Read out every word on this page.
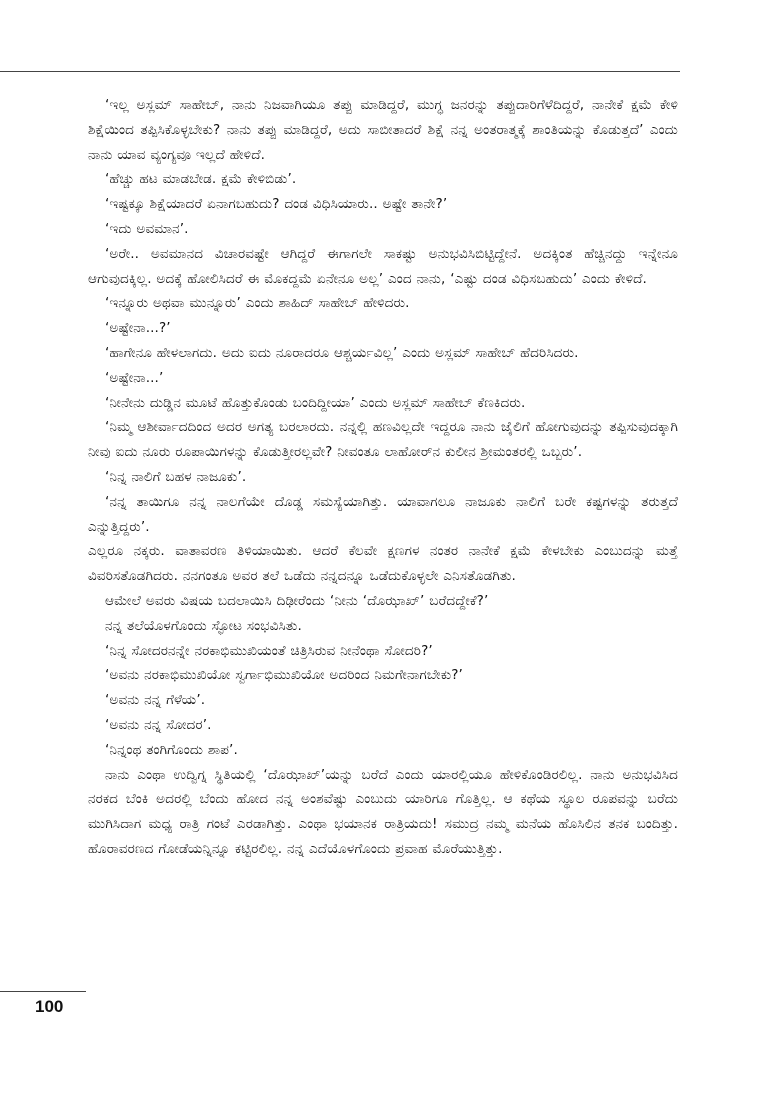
‘ಇಲ್ಲ ಅಸ್ಲಮ್ ಸಾಹೇಬ್, ನಾನು ನಿಜವಾಗಿಯೂ ತಪ್ಪು ಮಾಡಿದ್ದರೆ, ಮುಗ್ಧ ಜನರನ್ನು ತಪ್ಪುದಾರಿಗೆಳೆದಿದ್ದರೆ, ನಾನೇಕೆ ಕ್ಷಮೆ ಕೇಳಿ ಶಿಕ್ಷೆಯಿಂದ ತಪ್ಪಿಸಿಕೊಳ್ಳಬೇಕು? ನಾನು ತಪ್ಪು ಮಾಡಿದ್ದರೆ, ಅದು ಸಾಬೀತಾದರೆ ಶಿಕ್ಷೆ ನನ್ನ ಅಂತರಾತ್ಮಕ್ಕೆ ಶಾಂತಿಯನ್ನು ಕೊಡುತ್ತದೆ’ ಎಂದು ನಾನು ಯಾವ ವ್ಯಂಗ್ಯವೂ ಇಲ್ಲದೆ ಹೇಳಿದೆ.

‘ಹೆಚ್ಚು ಹಟ ಮಾಡಬೇಡ. ಕ್ಷಮೆ ಕೇಳಿಬಿಡು’.

‘ಇಷ್ಟಕ್ಕೂ ಶಿಕ್ಷೆಯಾದರೆ ಏನಾಗಬಹುದು? ದಂಡ ವಿಧಿಸಿಯಾರು.. ಅಷ್ಟೇ ತಾನೇ?’

‘ಇದು ಅವಮಾನ’.

‘ಅರೇ.. ಅವಮಾನದ ವಿಚಾರವಷ್ಟೇ ಆಗಿದ್ದರೆ ಈಗಾಗಲೇ ಸಾಕಷ್ಟು ಅನುಭವಿಸಿಬಿಟ್ಟಿದ್ದೇನೆ. ಅದಕ್ಕಿಂತ ಹೆಚ್ಚಿನದ್ದು ಇನ್ನೇನೂ ಆಗುವುದಕ್ಕಿಲ್ಲ. ಅದಕ್ಕೆ ಹೋಲಿಸಿದರೆ ಈ ಮೊಕದ್ದಮೆ ಏನೇನೂ ಅಲ್ಲ’ ಎಂದ ನಾನು, ‘ಎಷ್ಟು ದಂಡ ವಿಧಿಸಬಹುದು’ ಎಂದು ಕೇಳಿದೆ.

‘ಇನ್ನೂರು ಅಥವಾ ಮುನ್ನೂರು’ ಎಂದು ಶಾಹಿದ್ ಸಾಹೇಬ್ ಹೇಳಿದರು.

‘ಅಷ್ಟೇನಾ...?’

‘ಹಾಗೇನೂ ಹೇಳಲಾಗದು. ಅದು ಐದು ನೂರಾದರೂ ಆಶ್ಚರ್ಯವಿಲ್ಲ’ ಎಂದು ಅಸ್ಲಮ್ ಸಾಹೇಬ್ ಹೆದರಿಸಿದರು.

‘ಅಷ್ಟೇನಾ...’

‘ನೀನೇನು ದುಡ್ಡಿನ ಮೂಟೆ ಹೊತ್ತುಕೊಂಡು ಬಂದಿದ್ದೀಯಾ’ ಎಂದು ಅಸ್ಲಮ್ ಸಾಹೇಬ್ ಕೆಣಕಿದರು.

‘ನಿಮ್ಮ ಆಶೀರ್ವಾದದಿಂದ ಅದರ ಅಗತ್ಯ ಬರಲಾರದು. ನನ್ನಲ್ಲಿ ಹಣವಿಲ್ಲದೇ ಇದ್ದರೂ ನಾನು ಜೈಲಿಗೆ ಹೋಗುವುದನ್ನು ತಪ್ಪಿಸುವುದಕ್ಕಾಗಿ ನೀವು ಐದು ನೂರು ರೂಪಾಯಿಗಳನ್ನು ಕೊಡುತ್ತೀರಲ್ಲವೇ? ನೀವಂತೂ ಲಾಹೋರ್‌ನ ಕುಲೀನ ಶ್ರೀಮಂತರಲ್ಲಿ ಒಬ್ಬರು’.

‘ನಿನ್ನ ನಾಲಿಗೆ ಬಹಳ ನಾಜೂಕು’.

‘ನನ್ನ ತಾಯಿಗೂ ನನ್ನ ನಾಲಗೆಯೇ ದೊಡ್ಡ ಸಮಸ್ಯೆಯಾಗಿತ್ತು. ಯಾವಾಗಲೂ ನಾಜೂಕು ನಾಲಿಗೆ ಬರೇ ಕಷ್ಟಗಳನ್ನು ತರುತ್ತದೆ ಎನ್ನುತ್ತಿದ್ದರು’.

ಎಲ್ಲರೂ ನಕ್ಕರು. ವಾತಾವರಣ ತಿಳಿಯಾಯಿತು. ಆದರೆ ಕೆಲವೇ ಕ್ಷಣಗಳ ನಂತರ ನಾನೇಕೆ ಕ್ಷಮೆ ಕೇಳಬೇಕು ಎಂಬುದನ್ನು ಮತ್ತೆ ವಿವರಿಸತೊಡಗಿದರು. ನನಗಂತೂ ಅವರ ತಲೆ ಒಡೆದು ನನ್ನದನ್ನೂ ಒಡೆದುಕೊಳ್ಳಲೇ ಎನಿಸತೊಡಗಿತು.

ಆಮೇಲೆ ಅವರು ವಿಷಯ ಬದಲಾಯಿಸಿ ದಿಢೀರೆಂದು ‘ನೀನು ‘ದೊಝಾಖ್’ ಬರೆದದ್ದೇಕೆ?’

ನನ್ನ ತಲೆಯೊಳಗೊಂದು ಸ್ಫೋಟ ಸಂಭವಿಸಿತು.

‘ನಿನ್ನ ಸೋದರನನ್ನೇ ನರಕಾಭಿಮುಖಿಯಂತೆ ಚಿತ್ರಿಸಿರುವ ನೀನೆಂಥಾ ಸೋದರಿ?’

‘ಅವನು ನರಕಾಭಿಮುಖಿಯೋ ಸ್ವರ್ಗಾಭಿಮುಖಿಯೋ ಅದರಿಂದ ನಿಮಗೇನಾಗಬೇಕು?’

‘ಅವನು ನನ್ನ ಗೆಳೆಯ’.

‘ಅವನು ನನ್ನ ಸೋದರ’.

‘ನಿನ್ನಂಥ ತಂಗಿಗೊಂದು ಶಾಪ’.

ನಾನು ಎಂಥಾ ಉದ್ವಿಗ್ನ ಸ್ಥಿತಿಯಲ್ಲಿ ‘ದೊಝಾಖ್’ಯನ್ನು ಬರೆದೆ ಎಂದು ಯಾರಲ್ಲಿಯೂ ಹೇಳಿಕೊಂಡಿರಲಿಲ್ಲ. ನಾನು ಅನುಭವಿಸಿದ ನರಕದ ಬೆಂಕಿ ಅದರಲ್ಲಿ ಬೆಂದು ಹೋದ ನನ್ನ ಅಂಶವೆಷ್ಟು ಎಂಬುದು ಯಾರಿಗೂ ಗೊತ್ತಿಲ್ಲ. ಆ ಕಥೆಯ ಸ್ಥೂಲ ರೂಪವನ್ನು ಬರೆದು ಮುಗಿಸಿದಾಗ ಮಧ್ಯ ರಾತ್ರಿ ಗಂಟೆ ಎರಡಾಗಿತ್ತು. ಎಂಥಾ ಭಯಾನಕ ರಾತ್ರಿಯದು! ಸಮುದ್ರ ನಮ್ಮ ಮನೆಯ ಹೊಸಿಲಿನ ತನಕ ಬಂದಿತ್ತು. ಹೊರಾವರಣದ ಗೋಡೆಯನ್ನಿನ್ನೂ ಕಟ್ಟಿರಲಿಲ್ಲ. ನನ್ನ ಎದೆಯೊಳಗೊಂದು ಪ್ರವಾಹ ಮೊರೆಯುತ್ತಿತ್ತು.

100
